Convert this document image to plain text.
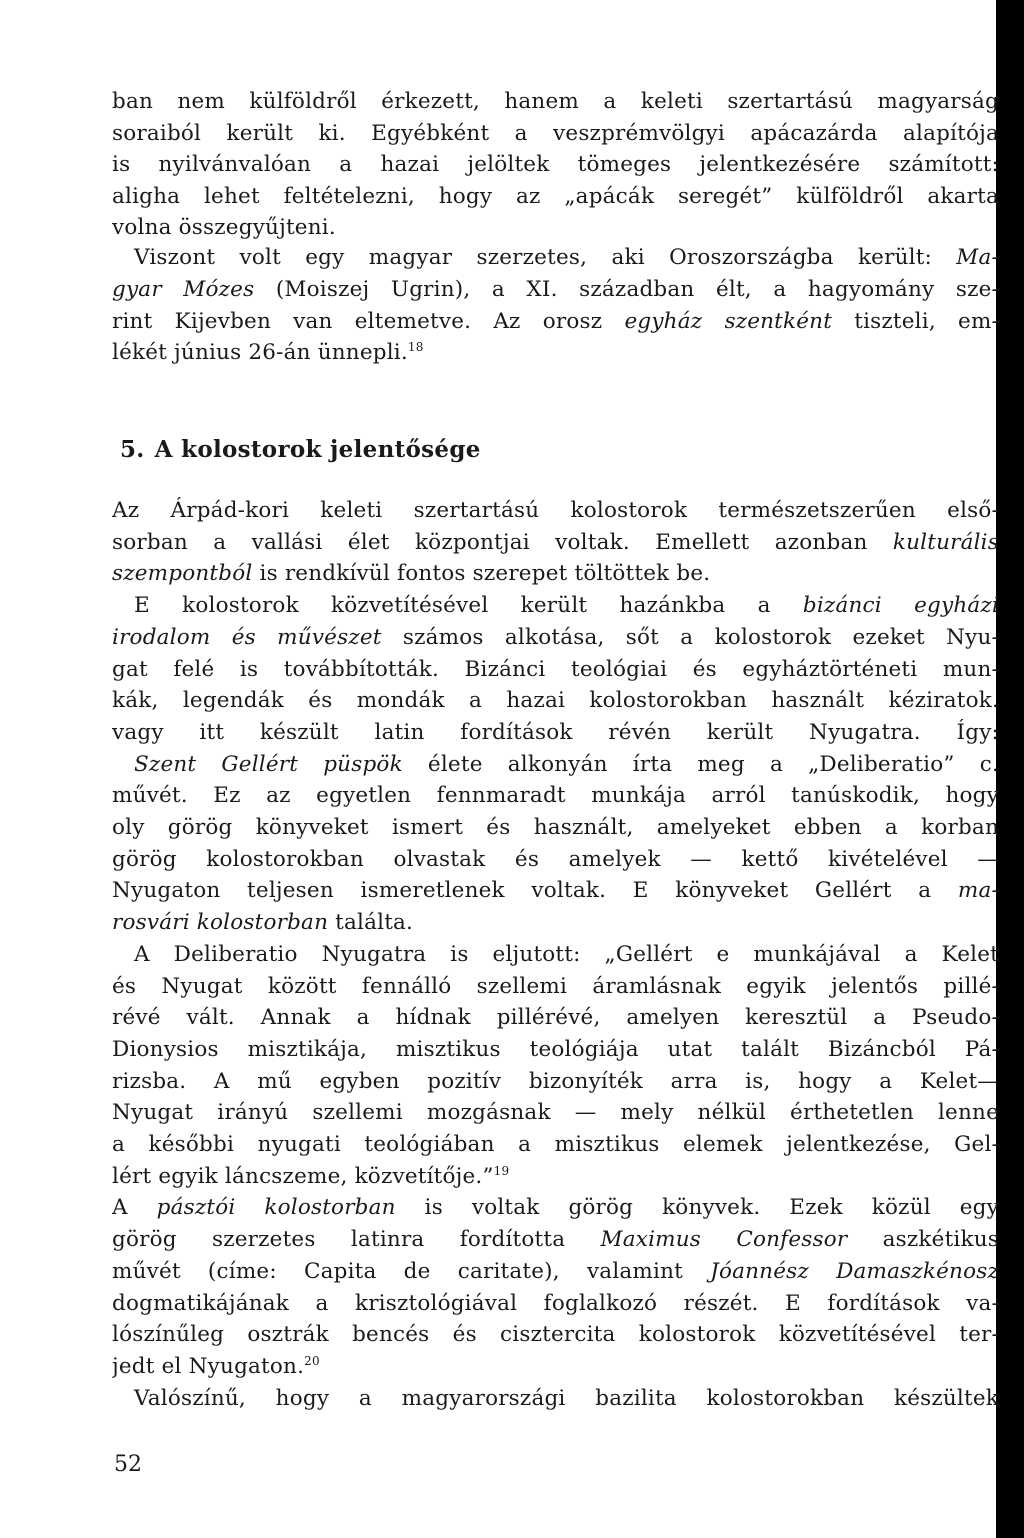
ban nem külföldről érkezett, hanem a keleti szertartású magyarság
soraiból került ki. Egyébként a veszprémvölgyi apácazárda alapítója
is nyilvánvalóan a hazai jelöltek tömeges jelentkezésére számított:
aligha lehet feltételezni, hogy az „apácák seregét” külföldről akarta
volna összegyűjteni.
Viszont volt egy magyar szerzetes, aki Oroszországba került: Ma-
gyar Mózes (Moiszej Ugrin), a XI. században élt, a hagyomány sze-
rint Kijevben van eltemetve. Az orosz egyház szentként tiszteli, em-
lékét június 26-án ünnepli.$^{18}$
5. A kolostorok jelentősége
Az Árpád-kori keleti szertartású kolostorok természetszerűen első-
sorban a vallási élet központjai voltak. Emellett azonban kulturális
szempontból is rendkívül fontos szerepet töltöttek be.
E kolostorok közvetítésével került hazánkba a bizánci egyházi
irodalom és művészet számos alkotása, sőt a kolostorok ezeket Nyu-
gat felé is továbbították. Bizánci teológiai és egyháztörténeti mun-
kák, legendák és mondák a hazai kolostorokban használt kéziratok.
vagy itt készült latin fordítások révén került Nyugatra. Így:
Szent Gellért püspök élete alkonyán írta meg a „Deliberatio” c.
művét. Ez az egyetlen fennmaradt munkája arról tanúskodik, hogy
oly görög könyveket ismert és használt, amelyeket ebben a korban
görög kolostorokban olvastak és amelyek — kettő kivételével —
Nyugaton teljesen ismeretlenek voltak. E könyveket Gellért a ma-
rosvári kolostorban találta.
A Deliberatio Nyugatra is eljutott: „Gellért e munkájával a Kelet
és Nyugat között fennálló szellemi áramlásnak egyik jelentős pillé-
révé vált. Annak a hídnak pillérévé, amelyen keresztül a Pseudo-
Dionysios misztikája, misztikus teológiája utat talált Bizáncból Pá-
rizsba. A mű egyben pozitív bizonyíték arra is, hogy a Kelet—
Nyugat irányú szellemi mozgásnak — mely nélkül érthetetlen lenne
a későbbi nyugati teológiában a misztikus elemek jelentkezése, Gel-
lért egyik láncszeme, közvetítője.”$^{19}$
A pásztói kolostorban is voltak görög könyvek. Ezek közül egy
görög szerzetes latinra fordította Maximus Confessor aszkétikus
művét (címe: Capita de caritate), valamint Jóannész Damaszkénosz
dogmatikájának a krisztológiával foglalkozó részét. E fordítások va-
lószínűleg osztrák bencés és cisztercita kolostorok közvetítésével ter-
jedt el Nyugaton.$^{20}$
Valószínű, hogy a magyarországi bazilita kolostorokban készültek
52
